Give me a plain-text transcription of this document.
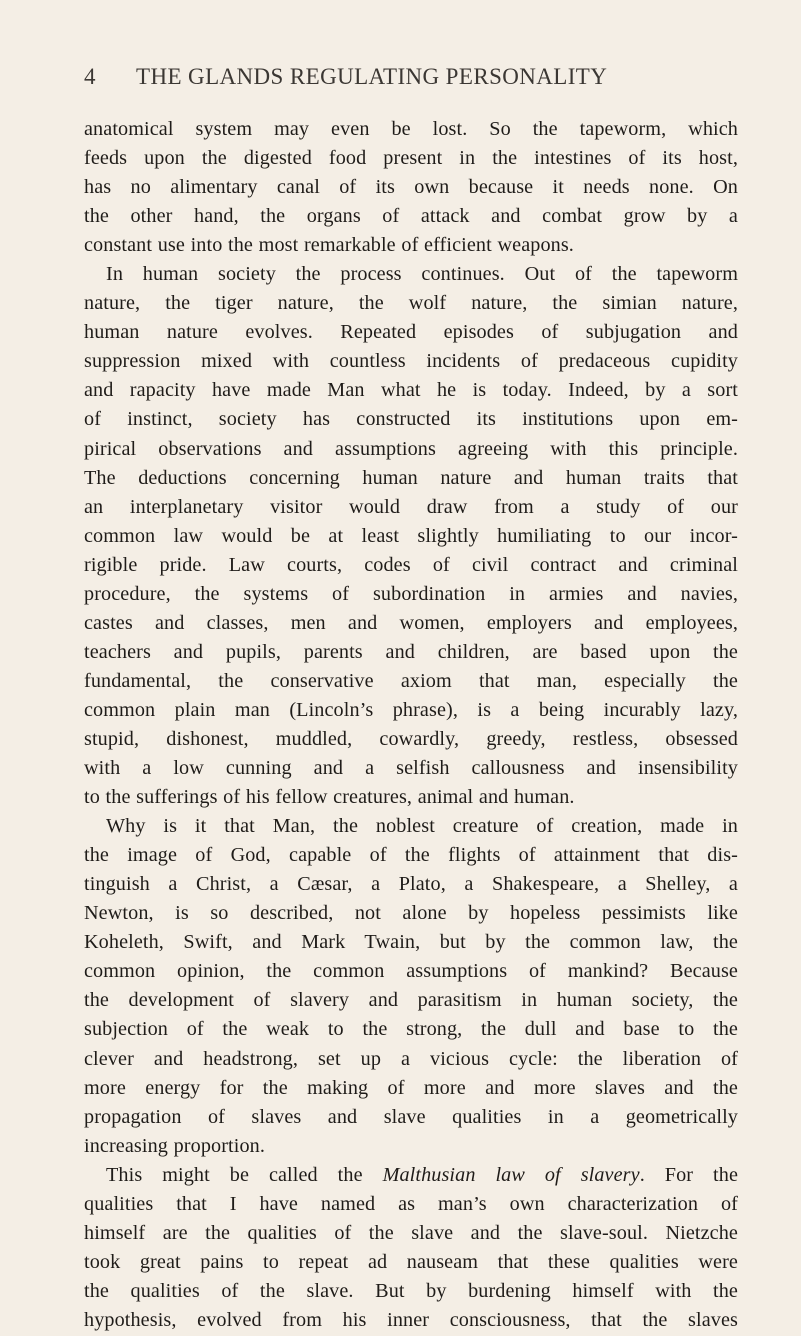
4 THE GLANDS REGULATING PERSONALITY
anatomical system may even be lost. So the tapeworm, which
feeds upon the digested food present in the intestines of its host,
has no alimentary canal of its own because it needs none. On
the other hand, the organs of attack and combat grow by a
constant use into the most remarkable of efficient weapons.
In human society the process continues. Out of the tapeworm
nature, the tiger nature, the wolf nature, the simian nature,
human nature evolves. Repeated episodes of subjugation and
suppression mixed with countless incidents of predaceous cupidity
and rapacity have made Man what he is today. Indeed, by a sort
of instinct, society has constructed its institutions upon em-
pirical observations and assumptions agreeing with this principle.
The deductions concerning human nature and human traits that
an interplanetary visitor would draw from a study of our
common law would be at least slightly humiliating to our incor-
rigible pride. Law courts, codes of civil contract and criminal
procedure, the systems of subordination in armies and navies,
castes and classes, men and women, employers and employees,
teachers and pupils, parents and children, are based upon the
fundamental, the conservative axiom that man, especially the
common plain man (Lincoln’s phrase), is a being incurably lazy,
stupid, dishonest, muddled, cowardly, greedy, restless, obsessed
with a low cunning and a selfish callousness and insensibility
to the sufferings of his fellow creatures, animal and human.
Why is it that Man, the noblest creature of creation, made in
the image of God, capable of the flights of attainment that dis-
tinguish a Christ, a Cæsar, a Plato, a Shakespeare, a Shelley, a
Newton, is so described, not alone by hopeless pessimists like
Koheleth, Swift, and Mark Twain, but by the common law, the
common opinion, the common assumptions of mankind? Because
the development of slavery and parasitism in human society, the
subjection of the weak to the strong, the dull and base to the
clever and headstrong, set up a vicious cycle: the liberation of
more energy for the making of more and more slaves and the
propagation of slaves and slave qualities in a geometrically
increasing proportion.
This might be called the Malthusian law of slavery. For the
qualities that I have named as man’s own characterization of
himself are the qualities of the slave and the slave-soul. Nietzche
took great pains to repeat ad nauseam that these qualities were
the qualities of the slave. But by burdening himself with the
hypothesis, evolved from his inner consciousness, that the slaves
